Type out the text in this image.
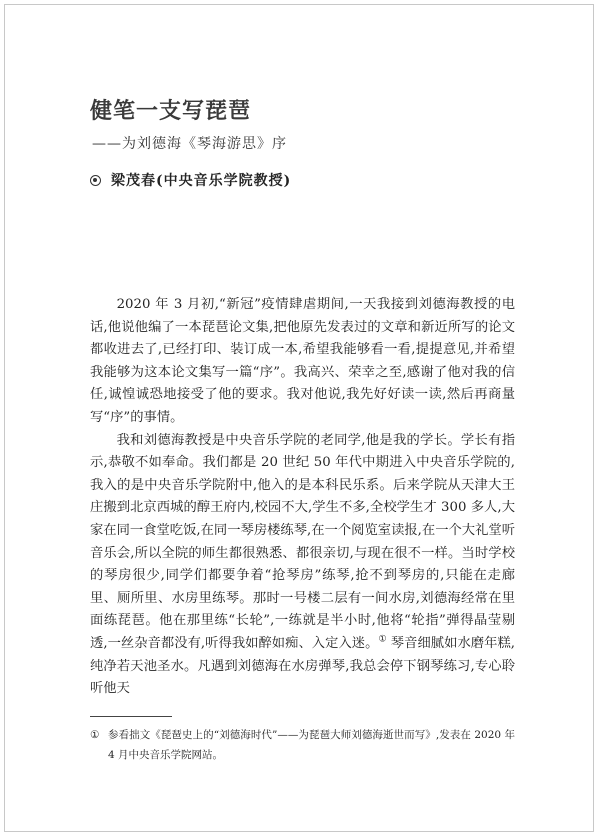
健笔一支写琵琶
——为刘德海《琴海游思》序
梁茂春(中央音乐学院教授)

2020 年 3 月初,“新冠”疫情肆虐期间,一天我接到刘德海教授的电话,他说他编了一本琵琶论文集,把他原先发表过的文章和新近所写的论文都收进去了,已经打印、装订成一本,希望我能够看一看,提提意见,并希望我能够为这本论文集写一篇“序”。我高兴、荣幸之至,感谢了他对我的信任,诚惶诚恐地接受了他的要求。我对他说,我先好好读一读,然后再商量写“序”的事情。

我和刘德海教授是中央音乐学院的老同学,他是我的学长。学长有指示,恭敬不如奉命。我们都是 20 世纪 50 年代中期进入中央音乐学院的,我入的是中央音乐学院附中,他入的是本科民乐系。后来学院从天津大王庄搬到北京西城的醇王府内,校园不大,学生不多,全校学生才 300 多人,大家在同一食堂吃饭,在同一琴房楼练琴,在一个阅览室读报,在一个大礼堂听音乐会,所以全院的师生都很熟悉、都很亲切,与现在很不一样。当时学校的琴房很少,同学们都要争着“抢琴房”练琴,抢不到琴房的,只能在走廊里、厕所里、水房里练琴。那时一号楼二层有一间水房,刘德海经常在里面练琵琶。他在那里练“长轮”,一练就是半小时,他将“轮指”弹得晶莹剔透,一丝杂音都没有,听得我如醉如痴、入定入迷。① 琴音细腻如水磨年糕,纯净若天池圣水。凡遇到刘德海在水房弹琴,我总会停下钢琴练习,专心聆听他天

① 参看拙文《琵琶史上的“刘德海时代”——为琵琶大师刘德海逝世而写》,发表在 2020 年 4 月中央音乐学院网站。
